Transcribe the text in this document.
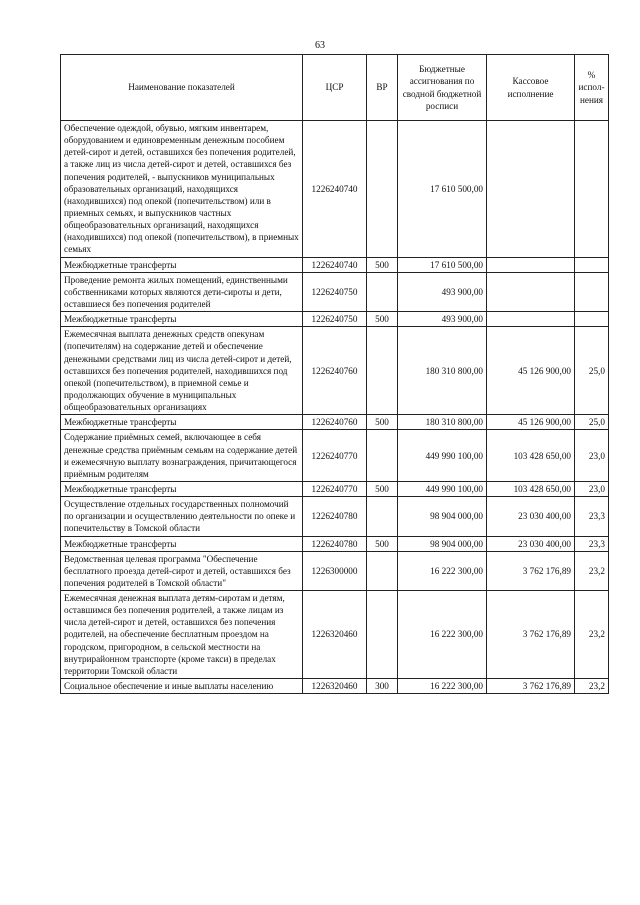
63
Наименование показателей	ЦСР	ВР	Бюджетные ассигнования по сводной бюджетной росписи	Кассовое исполнение	%
испол-
нения
Обеспечение одеждой, обувью, мягким инвентарем, оборудованием и единовременным денежным пособием детей-сирот и детей, оставшихся без попечения родителей, а также лиц из числа детей-сирот и детей, оставшихся без попечения родителей, - выпускников муниципальных образовательных организаций, находящихся (находившихся) под опекой (попечительством) или в приемных семьях, и выпускников частных общеобразовательных организаций, находящихся (находившихся) под опекой (попечительством), в приемных семьях	1226240740		17 610 500,00		
Межбюджетные трансферты	1226240740	500	17 610 500,00		
Проведение ремонта жилых помещений, единственными собственниками которых являются дети-сироты и дети, оставшиеся без попечения родителей	1226240750		493 900,00		
Межбюджетные трансферты	1226240750	500	493 900,00		
Ежемесячная выплата денежных средств опекунам (попечителям) на содержание детей и обеспечение денежными средствами лиц из числа детей-сирот и детей, оставшихся без попечения родителей, находившихся под опекой (попечительством), в приемной семье и продолжающих обучение в муниципальных общеобразовательных организациях	1226240760		180 310 800,00	45 126 900,00	25,0
Межбюджетные трансферты	1226240760	500	180 310 800,00	45 126 900,00	25,0
Содержание приёмных семей, включающее в себя денежные средства приёмным семьям на содержание детей и ежемесячную выплату вознаграждения, причитающегося приёмным родителям	1226240770		449 990 100,00	103 428 650,00	23,0
Межбюджетные трансферты	1226240770	500	449 990 100,00	103 428 650,00	23,0
Осуществление отдельных государственных полномочий по организации и осуществлению деятельности по опеке и попечительству в Томской области	1226240780		98 904 000,00	23 030 400,00	23,3
Межбюджетные трансферты	1226240780	500	98 904 000,00	23 030 400,00	23,3
Ведомственная целевая программа "Обеспечение бесплатного проезда детей-сирот и детей, оставшихся без попечения родителей в Томской области"	1226300000		16 222 300,00	3 762 176,89	23,2
Ежемесячная денежная выплата детям-сиротам и детям, оставшимся без попечения родителей, а также лицам из числа детей-сирот и детей, оставшихся без попечения родителей, на обеспечение бесплатным проездом на городском, пригородном, в сельской местности на внутрирайонном транспорте (кроме такси) в пределах территории Томской области	1226320460		16 222 300,00	3 762 176,89	23,2
Социальное обеспечение и иные выплаты населению	1226320460	300	16 222 300,00	3 762 176,89	23,2
